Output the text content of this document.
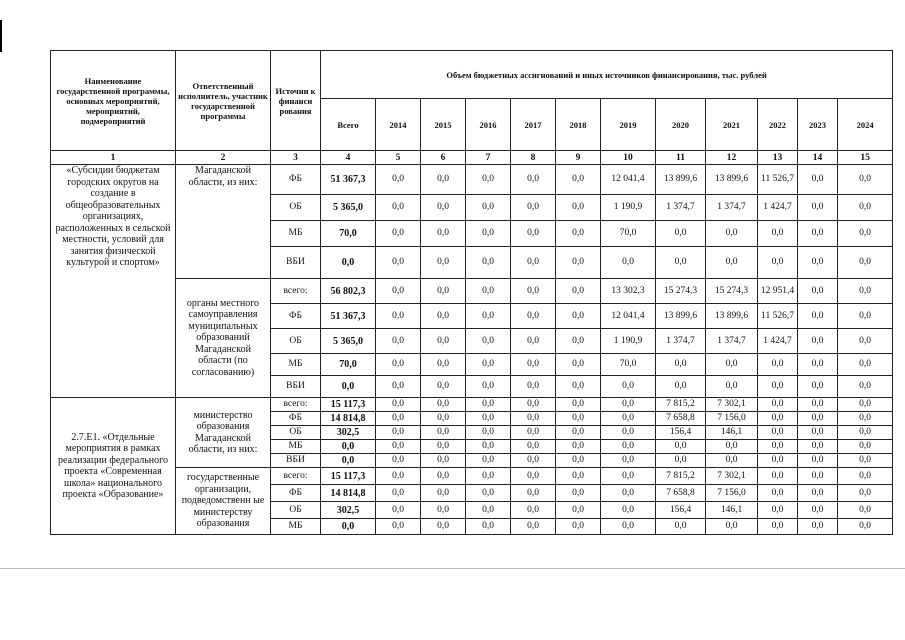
Наименование государственной программы, основных мероприятий, мероприятий, подмероприятий	Ответственный исполнитель, участник государственной программы	Источни к финанси рования	Объем бюджетных ассигнований и иных источников финансирования, тыс. рублей											
			Всего	2014	2015	2016	2017	2018	2019	2020	2021	2022	2023	2024
1	2	3	4	5	6	7	8	9	10	11	12	13	14	15
«Субсидии бюджетам городских округов на создание в общеобразовательных организациях, расположенных в сельской местности, условий для занятия физической культурой и спортом»	Магаданской области, из них:	ФБ	51 367,3	0,0	0,0	0,0	0,0	0,0	12 041,4	13 899,6	13 899,6	11 526,7	0,0	0,0
		ОБ	5 365,0	0,0	0,0	0,0	0,0	0,0	1 190,9	1 374,7	1 374,7	1 424,7	0,0	0,0
		МБ	70,0	0,0	0,0	0,0	0,0	0,0	70,0	0,0	0,0	0,0	0,0	0,0
		ВБИ	0,0	0,0	0,0	0,0	0,0	0,0	0,0	0,0	0,0	0,0	0,0	0,0
	органы местного самоуправления муниципальных образований Магаданской области (по согласованию)	всего:	56 802,3	0,0	0,0	0,0	0,0	0,0	13 302,3	15 274,3	15 274,3	12 951,4	0,0	0,0
		ФБ	51 367,3	0,0	0,0	0,0	0,0	0,0	12 041,4	13 899,6	13 899,6	11 526,7	0,0	0,0
		ОБ	5 365,0	0,0	0,0	0,0	0,0	0,0	1 190,9	1 374,7	1 374,7	1 424,7	0,0	0,0
		МБ	70,0	0,0	0,0	0,0	0,0	0,0	70,0	0,0	0,0	0,0	0,0	0,0
		ВБИ	0,0	0,0	0,0	0,0	0,0	0,0	0,0	0,0	0,0	0,0	0,0	0,0
2.7.Е1. «Отдельные мероприятия в рамках реализации федерального проекта «Современная школа» национального проекта «Образование»	министерство образования Магаданской области, из них:	всего:	15 117,3	0,0	0,0	0,0	0,0	0,0	0,0	7 815,2	7 302,1	0,0	0,0	0,0
		ФБ	14 814,8	0,0	0,0	0,0	0,0	0,0	0,0	7 658,8	7 156,0	0,0	0,0	0,0
		ОБ	302,5	0,0	0,0	0,0	0,0	0,0	0,0	156,4	146,1	0,0	0,0	0,0
		МБ	0,0	0,0	0,0	0,0	0,0	0,0	0,0	0,0	0,0	0,0	0,0	0,0
		ВБИ	0,0	0,0	0,0	0,0	0,0	0,0	0,0	0,0	0,0	0,0	0,0	0,0
	государственные организации, подведомственн ые министерству образования	всего:	15 117,3	0,0	0,0	0,0	0,0	0,0	0,0	7 815,2	7 302,1	0,0	0,0	0,0
		ФБ	14 814,8	0,0	0,0	0,0	0,0	0,0	0,0	7 658,8	7 156,0	0,0	0,0	0,0
		ОБ	302,5	0,0	0,0	0,0	0,0	0,0	0,0	156,4	146,1	0,0	0,0	0,0
		МБ	0,0	0,0	0,0	0,0	0,0	0,0	0,0	0,0	0,0	0,0	0,0	0,0
